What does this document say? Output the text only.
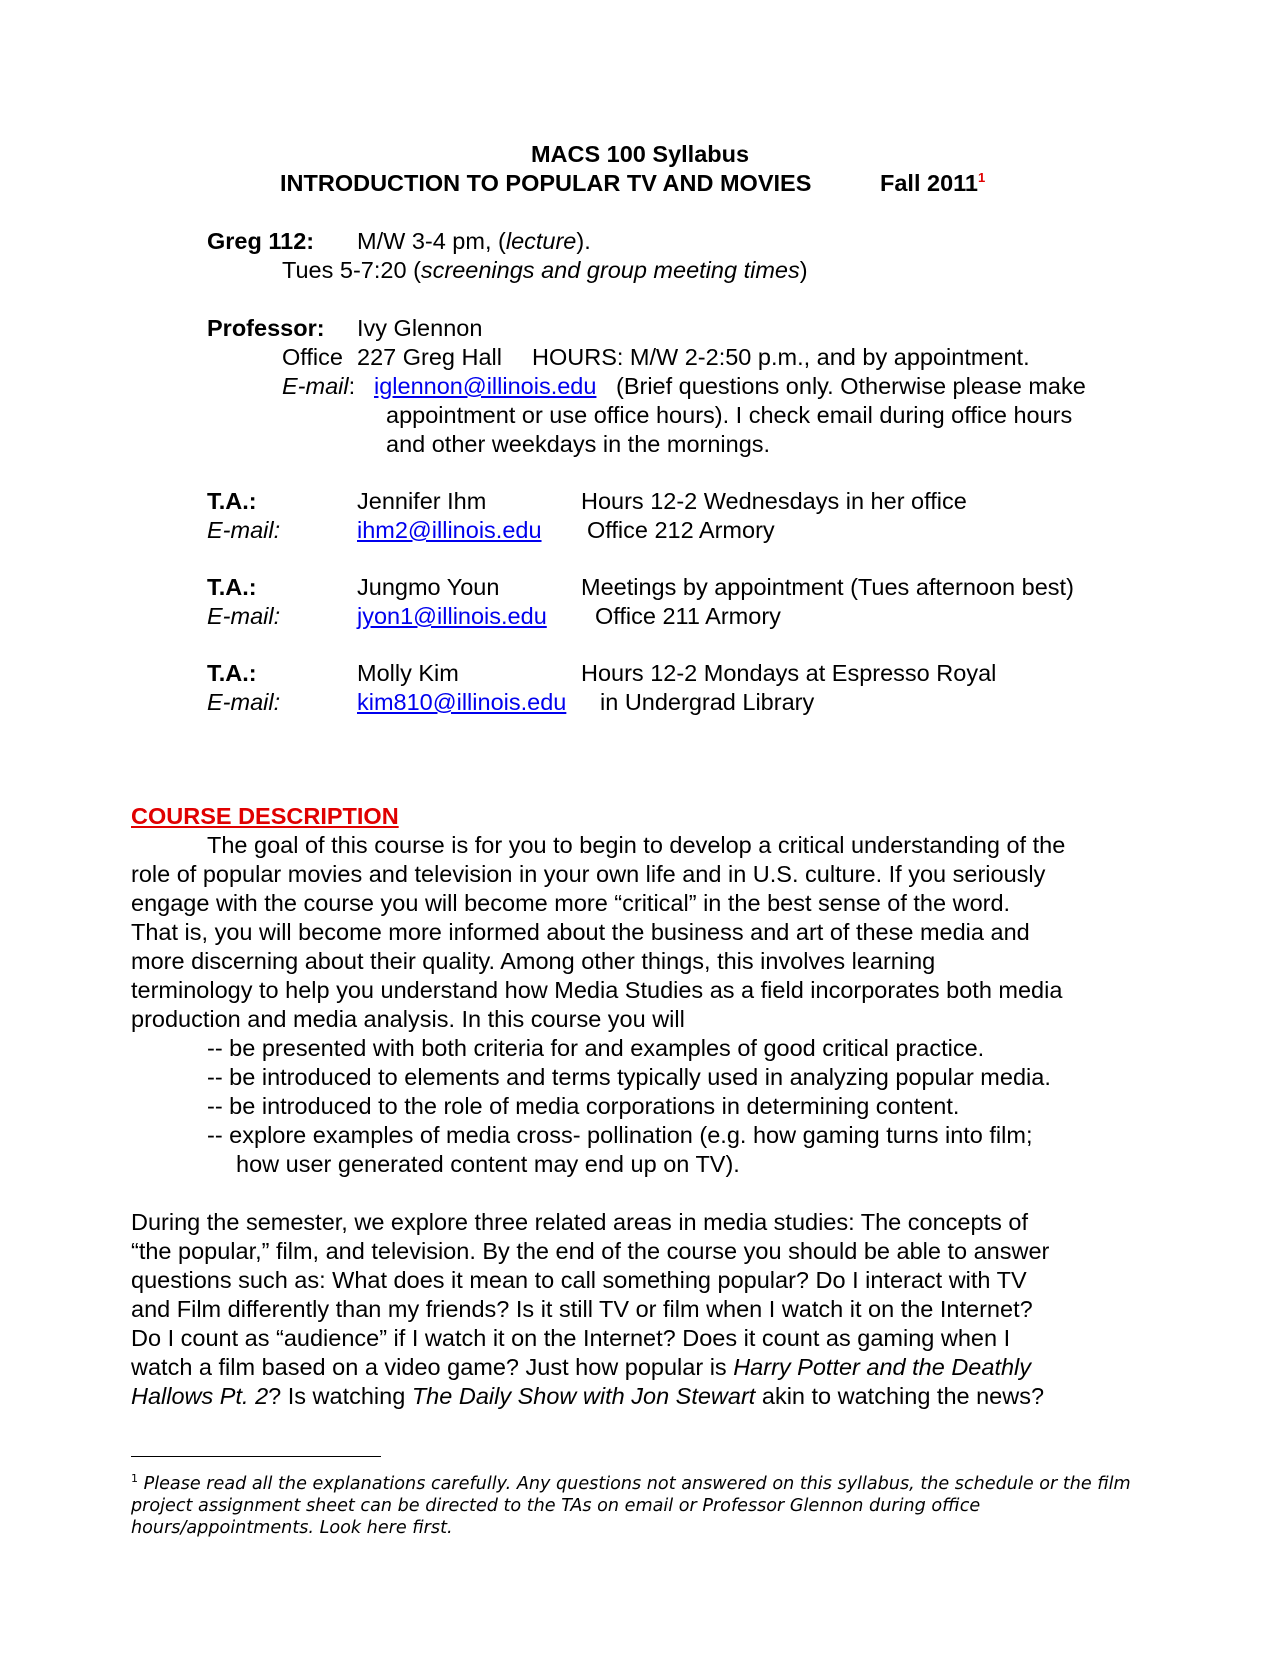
MACS 100 Syllabus
INTRODUCTION TO POPULAR TV AND MOVIES	Fall 2011$^1$
Greg 112: M/W 3-4 pm, (lecture).
Tues 5-7:20 (screenings and group meeting times)
Professor: Ivy Glennon
Office 227 Greg Hall HOURS: M/W 2-2:50 p.m., and by appointment.
E-mail: iglennon@illinois.edu (Brief questions only. Otherwise please make
appointment or use office hours). I check email during office hours
and other weekdays in the mornings.
T.A.:	Jennifer Ihm	Hours 12-2 Wednesdays in her office
E-mail:	ihm2@illinois.edu Office 212 Armory
T.A.:	Jungmo Youn	Meetings by appointment (Tues afternoon best)
E-mail:	jyon1@illinois.edu Office 211 Armory
T.A.:	Molly Kim	Hours 12-2 Mondays at Espresso Royal
E-mail:	kim810@illinois.edu in Undergrad Library
COURSE DESCRIPTION
The goal of this course is for you to begin to develop a critical understanding of the
role of popular movies and television in your own life and in U.S. culture. If you seriously
engage with the course you will become more “critical” in the best sense of the word.
That is, you will become more informed about the business and art of these media and
more discerning about their quality. Among other things, this involves learning
terminology to help you understand how Media Studies as a field incorporates both media
production and media analysis. In this course you will
-- be presented with both criteria for and examples of good critical practice.
-- be introduced to elements and terms typically used in analyzing popular media.
-- be introduced to the role of media corporations in determining content.
-- explore examples of media cross- pollination (e.g. how gaming turns into film;
how user generated content may end up on TV).
During the semester, we explore three related areas in media studies: The concepts of
“the popular,” film, and television. By the end of the course you should be able to answer
questions such as: What does it mean to call something popular? Do I interact with TV
and Film differently than my friends? Is it still TV or film when I watch it on the Internet?
Do I count as “audience” if I watch it on the Internet? Does it count as gaming when I
watch a film based on a video game? Just how popular is Harry Potter and the Deathly
Hallows Pt. 2? Is watching The Daily Show with Jon Stewart akin to watching the news?
$^1$ Please read all the explanations carefully. Any questions not answered on this syllabus, the schedule or the film project assignment sheet can be directed to the TAs on email or Professor Glennon during office hours/appointments. Look here first.
